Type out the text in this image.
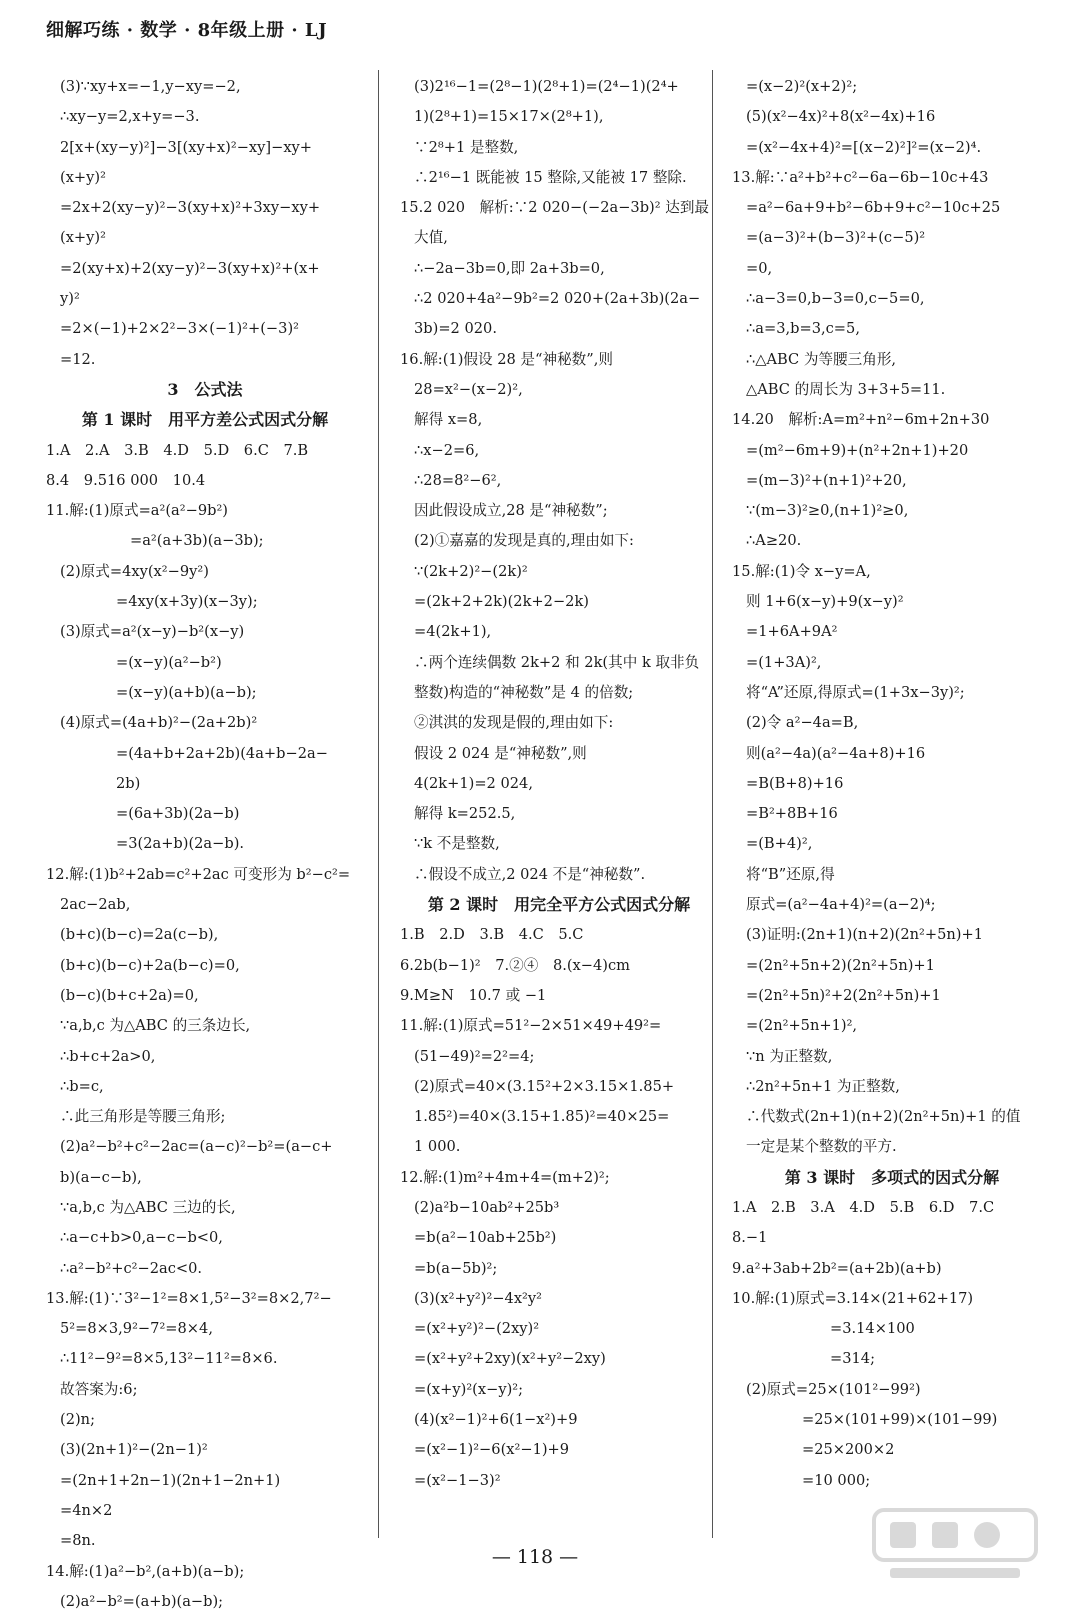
细解巧练 · 数学 · 8年级上册 · LJ
(3)∵xy+x=−1,y−xy=−2,
∴xy−y=2,x+y=−3.
2[x+(xy−y)²]−3[(xy+x)²−xy]−xy+
(x+y)²
=2x+2(xy−y)²−3(xy+x)²+3xy−xy+
(x+y)²
=2(xy+x)+2(xy−y)²−3(xy+x)²+(x+
y)²
=2×(−1)+2×2²−3×(−1)²+(−3)²
=12.
3　公式法
第 1 课时　用平方差公式因式分解
1.A　2.A　3.B　4.D　5.D　6.C　7.B
8.4　9.516 000　10.4
11.解:(1)原式=a²(a²−9b²)
=a²(a+3b)(a−3b);
(2)原式=4xy(x²−9y²)
=4xy(x+3y)(x−3y);
(3)原式=a²(x−y)−b²(x−y)
=(x−y)(a²−b²)
=(x−y)(a+b)(a−b);
(4)原式=(4a+b)²−(2a+2b)²
=(4a+b+2a+2b)(4a+b−2a−
2b)
=(6a+3b)(2a−b)
=3(2a+b)(2a−b).
12.解:(1)b²+2ab=c²+2ac 可变形为 b²−c²=
2ac−2ab,
(b+c)(b−c)=2a(c−b),
(b+c)(b−c)+2a(b−c)=0,
(b−c)(b+c+2a)=0,
∵a,b,c 为△ABC 的三条边长,
∴b+c+2a>0,
∴b=c,
∴此三角形是等腰三角形;
(2)a²−b²+c²−2ac=(a−c)²−b²=(a−c+
b)(a−c−b),
∵a,b,c 为△ABC 三边的长,
∴a−c+b>0,a−c−b<0,
∴a²−b²+c²−2ac<0.
13.解:(1)∵3²−1²=8×1,5²−3²=8×2,7²−
5²=8×3,9²−7²=8×4,
∴11²−9²=8×5,13²−11²=8×6.
故答案为:6;
(2)n;
(3)(2n+1)²−(2n−1)²
=(2n+1+2n−1)(2n+1−2n+1)
=4n×2
=8n.
14.解:(1)a²−b²,(a+b)(a−b);
(2)a²−b²=(a+b)(a−b);
(3)2¹⁶−1=(2⁸−1)(2⁸+1)=(2⁴−1)(2⁴+
1)(2⁸+1)=15×17×(2⁸+1),
∵2⁸+1 是整数,
∴2¹⁶−1 既能被 15 整除,又能被 17 整除.
15.2 020　解析:∵2 020−(−2a−3b)² 达到最
大值,
∴−2a−3b=0,即 2a+3b=0,
∴2 020+4a²−9b²=2 020+(2a+3b)(2a−
3b)=2 020.
16.解:(1)假设 28 是“神秘数”,则
28=x²−(x−2)²,
解得 x=8,
∴x−2=6,
∴28=8²−6²,
因此假设成立,28 是“神秘数”;
(2)①嘉嘉的发现是真的,理由如下:
∵(2k+2)²−(2k)²
=(2k+2+2k)(2k+2−2k)
=4(2k+1),
∴两个连续偶数 2k+2 和 2k(其中 k 取非负
整数)构造的“神秘数”是 4 的倍数;
②淇淇的发现是假的,理由如下:
假设 2 024 是“神秘数”,则
4(2k+1)=2 024,
解得 k=252.5,
∵k 不是整数,
∴假设不成立,2 024 不是“神秘数”.
第 2 课时　用完全平方公式因式分解
1.B　2.D　3.B　4.C　5.C
6.2b(b−1)²　7.②④　8.(x−4)cm
9.M≥N　10.7 或 −1
11.解:(1)原式=51²−2×51×49+49²=
(51−49)²=2²=4;
(2)原式=40×(3.15²+2×3.15×1.85+
1.85²)=40×(3.15+1.85)²=40×25=
1 000.
12.解:(1)m²+4m+4=(m+2)²;
(2)a²b−10ab²+25b³
=b(a²−10ab+25b²)
=b(a−5b)²;
(3)(x²+y²)²−4x²y²
=(x²+y²)²−(2xy)²
=(x²+y²+2xy)(x²+y²−2xy)
=(x+y)²(x−y)²;
(4)(x²−1)²+6(1−x²)+9
=(x²−1)²−6(x²−1)+9
=(x²−1−3)²
=(x−2)²(x+2)²;
(5)(x²−4x)²+8(x²−4x)+16
=(x²−4x+4)²=[(x−2)²]²=(x−2)⁴.
13.解:∵a²+b²+c²−6a−6b−10c+43
=a²−6a+9+b²−6b+9+c²−10c+25
=(a−3)²+(b−3)²+(c−5)²
=0,
∴a−3=0,b−3=0,c−5=0,
∴a=3,b=3,c=5,
∴△ABC 为等腰三角形,
△ABC 的周长为 3+3+5=11.
14.20　解析:A=m²+n²−6m+2n+30
=(m²−6m+9)+(n²+2n+1)+20
=(m−3)²+(n+1)²+20,
∵(m−3)²≥0,(n+1)²≥0,
∴A≥20.
15.解:(1)令 x−y=A,
则 1+6(x−y)+9(x−y)²
=1+6A+9A²
=(1+3A)²,
将“A”还原,得原式=(1+3x−3y)²;
(2)令 a²−4a=B,
则(a²−4a)(a²−4a+8)+16
=B(B+8)+16
=B²+8B+16
=(B+4)²,
将“B”还原,得
原式=(a²−4a+4)²=(a−2)⁴;
(3)证明:(2n+1)(n+2)(2n²+5n)+1
=(2n²+5n+2)(2n²+5n)+1
=(2n²+5n)²+2(2n²+5n)+1
=(2n²+5n+1)²,
∵n 为正整数,
∴2n²+5n+1 为正整数,
∴代数式(2n+1)(n+2)(2n²+5n)+1 的值
一定是某个整数的平方.
第 3 课时　多项式的因式分解
1.A　2.B　3.A　4.D　5.B　6.D　7.C
8.−1
9.a²+3ab+2b²=(a+2b)(a+b)
10.解:(1)原式=3.14×(21+62+17)
=3.14×100
=314;
(2)原式=25×(101²−99²)
=25×(101+99)×(101−99)
=25×200×2
=10 000;
— 118 —
